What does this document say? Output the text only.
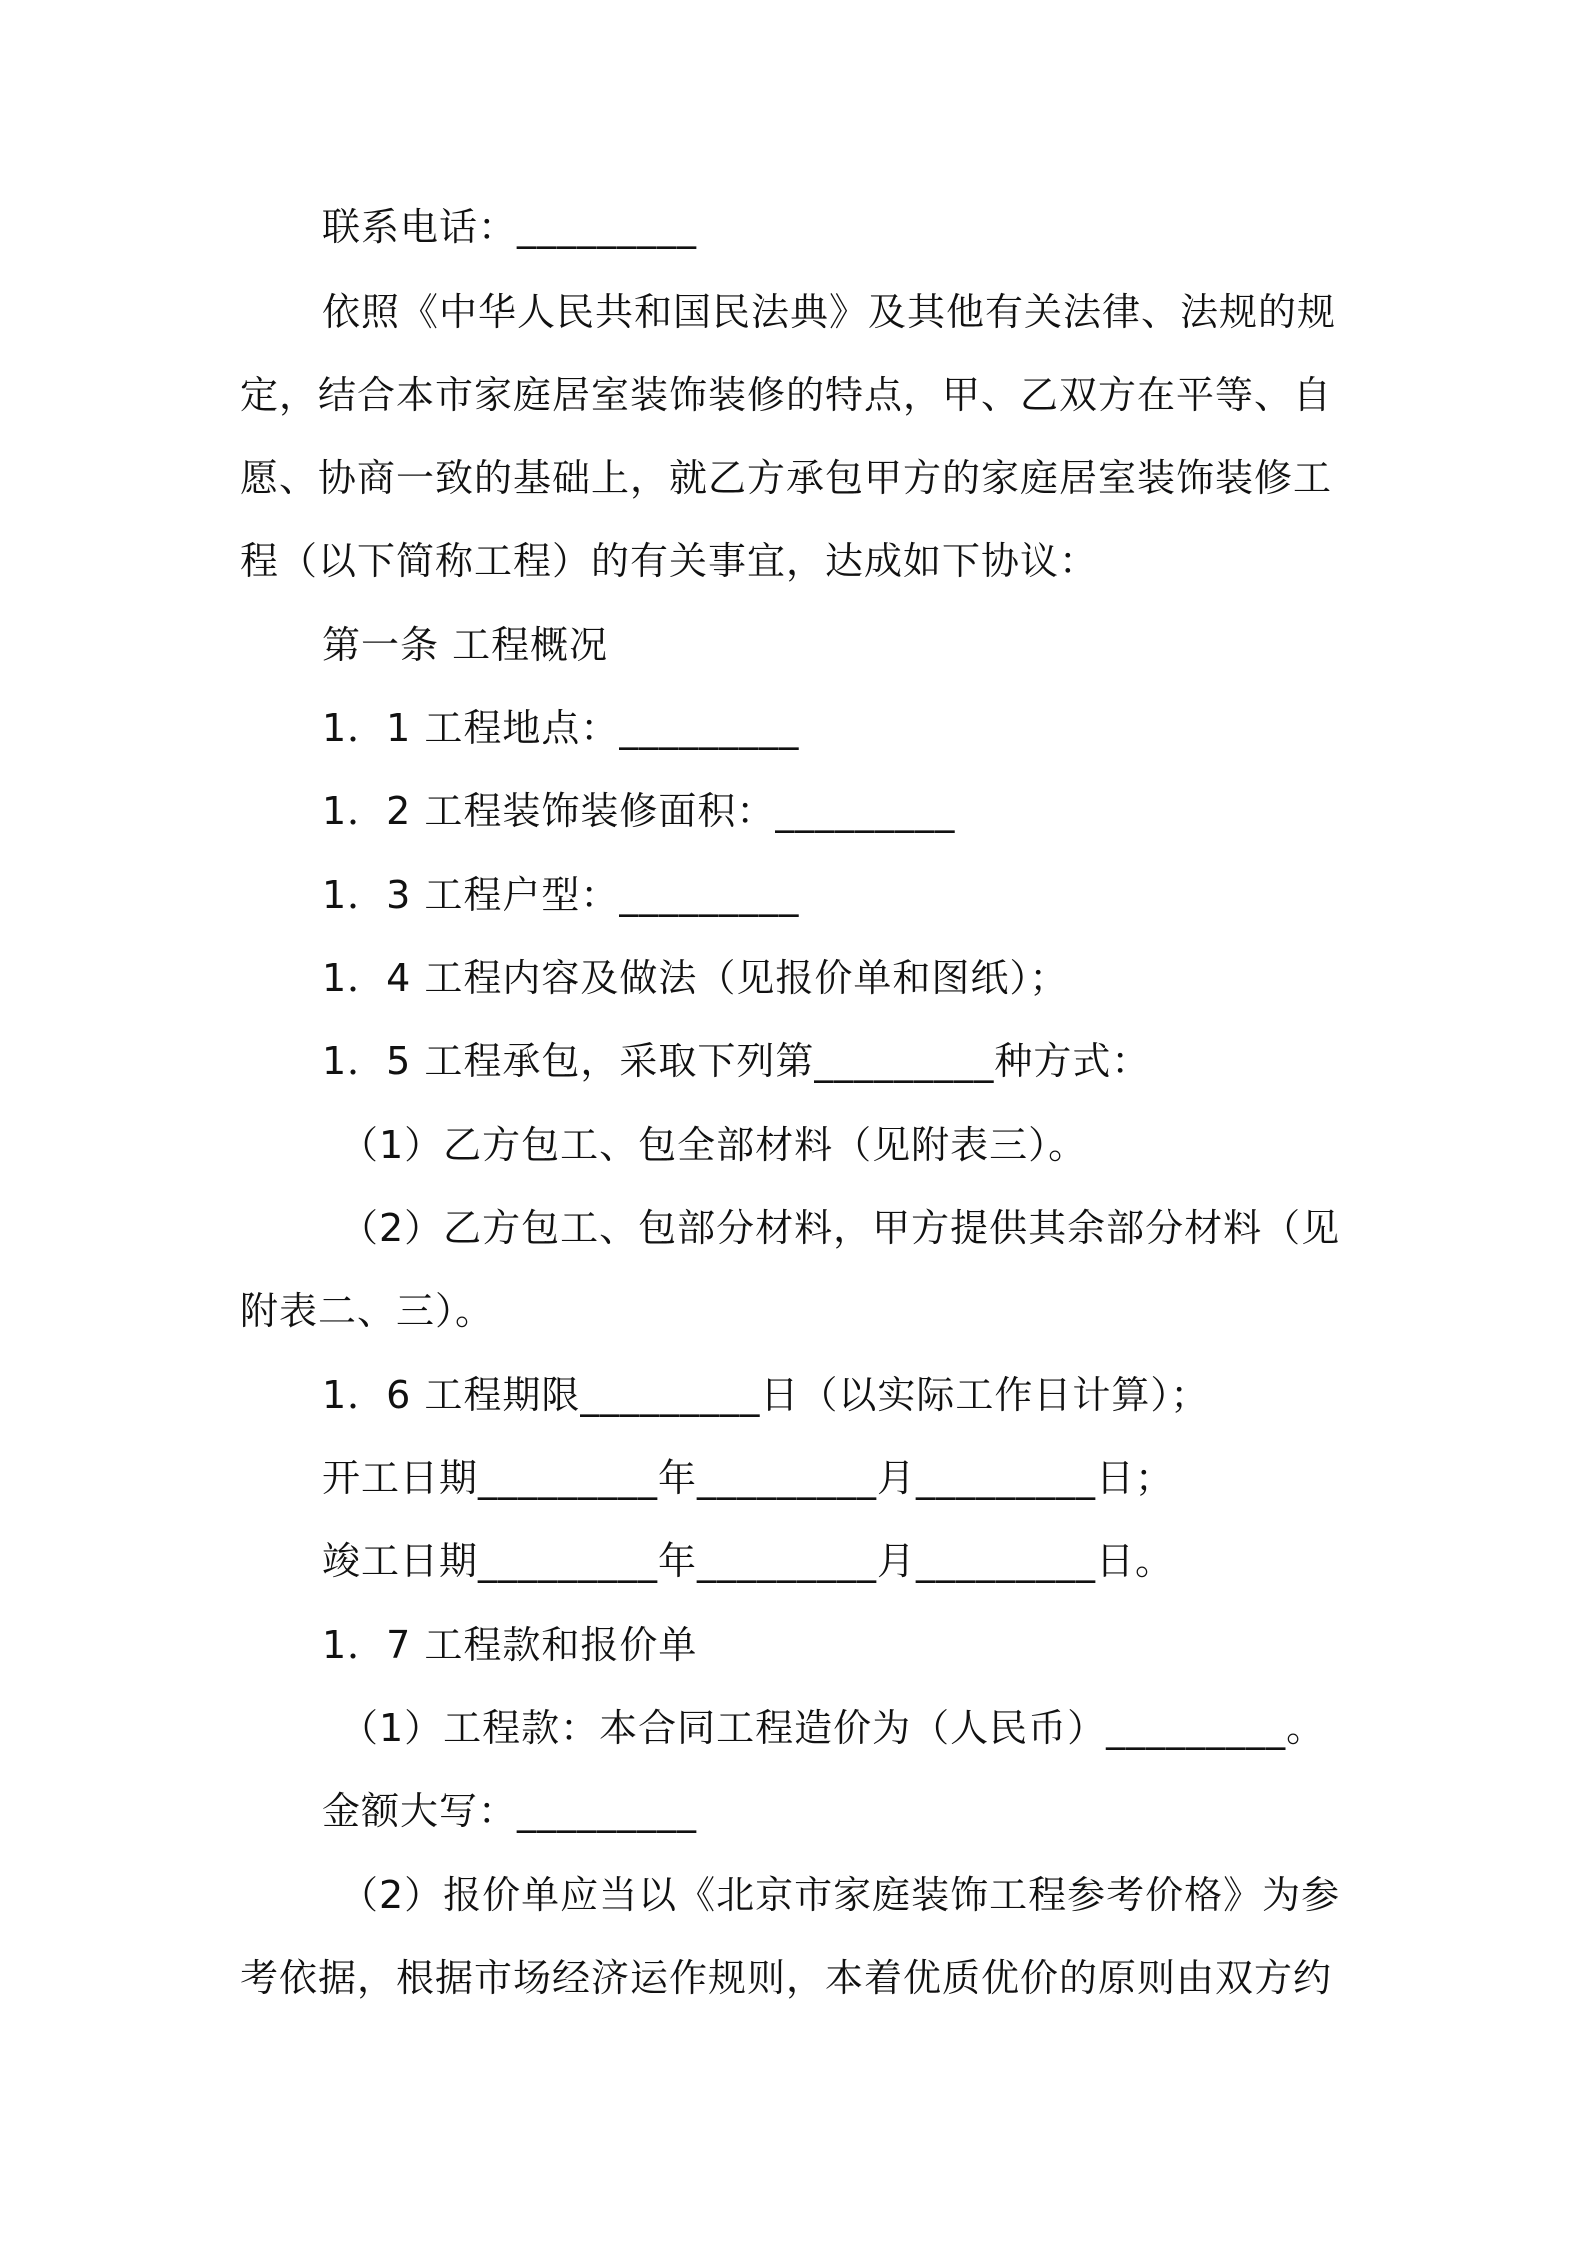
联系电话：_________
依照《中华人民共和国民法典》及其他有关法律、法规的规
定，结合本市家庭居室装饰装修的特点，甲、乙双方在平等、自
愿、协商一致的基础上，就乙方承包甲方的家庭居室装饰装修工
程（以下简称工程）的有关事宜，达成如下协议：
第一条 工程概况
1．1 工程地点：_________
1．2 工程装饰装修面积：_________
1．3 工程户型：_________
1．4 工程内容及做法（见报价单和图纸）；
1．5 工程承包，采取下列第_________种方式：
（1）乙方包工、包全部材料（见附表三）。
（2）乙方包工、包部分材料，甲方提供其余部分材料（见
附表二、三）。
1．6 工程期限_________日（以实际工作日计算）；
开工日期_________年_________月_________日；
竣工日期_________年_________月_________日。
1．7 工程款和报价单
（1）工程款：本合同工程造价为（人民币）_________。
金额大写：_________
（2）报价单应当以《北京市家庭装饰工程参考价格》为参
考依据，根据市场经济运作规则，本着优质优价的原则由双方约
